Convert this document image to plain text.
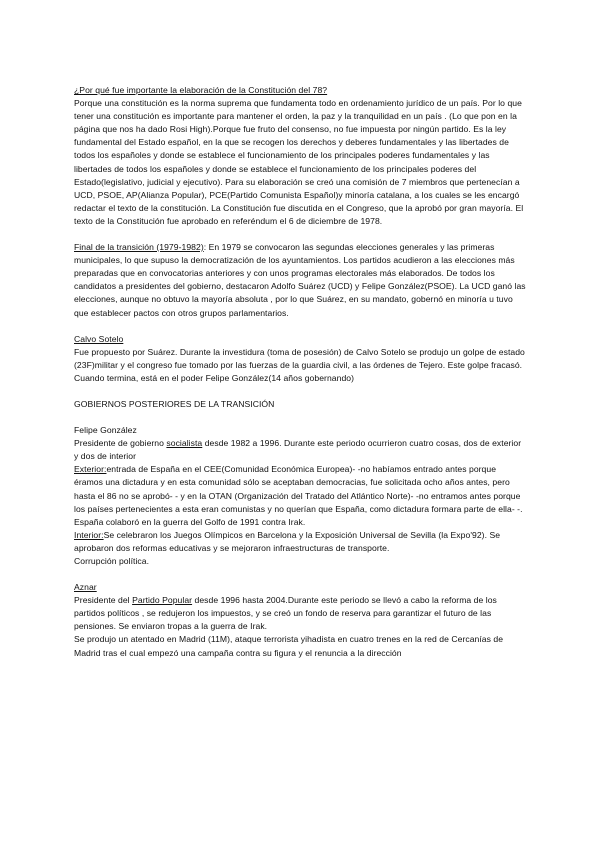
¿Por qué fue importante la elaboración de la Constitución del 78?

Porque una constitución es la norma suprema que fundamenta todo en ordenamiento jurídico de un país. Por lo que tener una constitución es importante para mantener el orden, la paz y la tranquilidad en un país . (Lo que pon en la página que nos ha dado Rosi High).Porque fue fruto del consenso, no fue impuesta por ningún partido. Es la ley fundamental del Estado español, en la que se recogen los derechos y deberes fundamentales y las libertades de todos los españoles y donde se establece el funcionamiento de los principales poderes fundamentales y las libertades de todos los españoles y donde se establece el funcionamiento de los principales poderes del Estado(legislativo, judicial y ejecutivo). Para su elaboración se creó una comisión de 7 miembros que pertenecían a UCD, PSOE, AP(Alianza Popular), PCE(Partido Comunista Español)y minoría catalana, a los cuales se les encargó redactar el texto de la constitución. La Constitución fue discutida en el Congreso, que la aprobó por gran mayoría. El texto de la Constitución fue aprobado en referéndum el 6 de diciembre de 1978.

Final de la transición (1979-1982): En 1979 se convocaron las segundas elecciones generales y las primeras municipales, lo que supuso la democratización de los ayuntamientos. Los partidos acudieron a las elecciones más preparadas que en convocatorias anteriores y con unos programas electorales más elaborados. De todos los candidatos a presidentes del gobierno, destacaron Adolfo Suárez (UCD) y Felipe González(PSOE). La UCD ganó las elecciones, aunque no obtuvo la mayoría absoluta , por lo que Suárez, en su mandato, gobernó en minoría u tuvo que establecer pactos con otros grupos parlamentarios.

Calvo Sotelo

Fue propuesto por Suárez. Durante la investidura (toma de posesión) de Calvo Sotelo se produjo un golpe de estado (23F)militar y el congreso fue tomado por las fuerzas de la guardia civil, a las órdenes de Tejero. Este golpe fracasó.

Cuando termina, está en el poder Felipe González(14 años gobernando)

GOBIERNOS POSTERIORES DE LA TRANSICIÓN

Felipe González

Presidente de gobierno socialista desde 1982 a 1996. Durante este periodo ocurrieron cuatro cosas, dos de exterior y dos de interior

Exterior:entrada de España en el CEE(Comunidad Económica Europea)- -no habíamos entrado antes porque éramos una dictadura y en esta comunidad sólo se aceptaban democracias, fue solicitada ocho años antes, pero hasta el 86 no se aprobó- - y en la OTAN (Organización del Tratado del Atlántico Norte)- -no entramos antes porque los países pertenecientes a esta eran comunistas y no querían que España, como dictadura formara parte de ella- -. España colaboró en la guerra del Golfo de 1991 contra Irak.

Interior:Se celebraron los Juegos Olímpicos en Barcelona y la Exposición Universal de Sevilla (la Expo'92). Se aprobaron dos reformas educativas y se mejoraron infraestructuras de transporte.

Corrupción política.

Aznar

Presidente del Partido Popular desde 1996 hasta 2004.Durante este periodo se llevó a cabo la reforma de los partidos políticos , se redujeron los impuestos, y se creó un fondo de reserva para garantizar el futuro de las pensiones. Se enviaron tropas a la guerra de Irak.

Se produjo un atentado en Madrid (11M), ataque terrorista yihadista en cuatro trenes en la red de Cercanías de Madrid tras el cual empezó una campaña contra su figura y el renuncia a la dirección
